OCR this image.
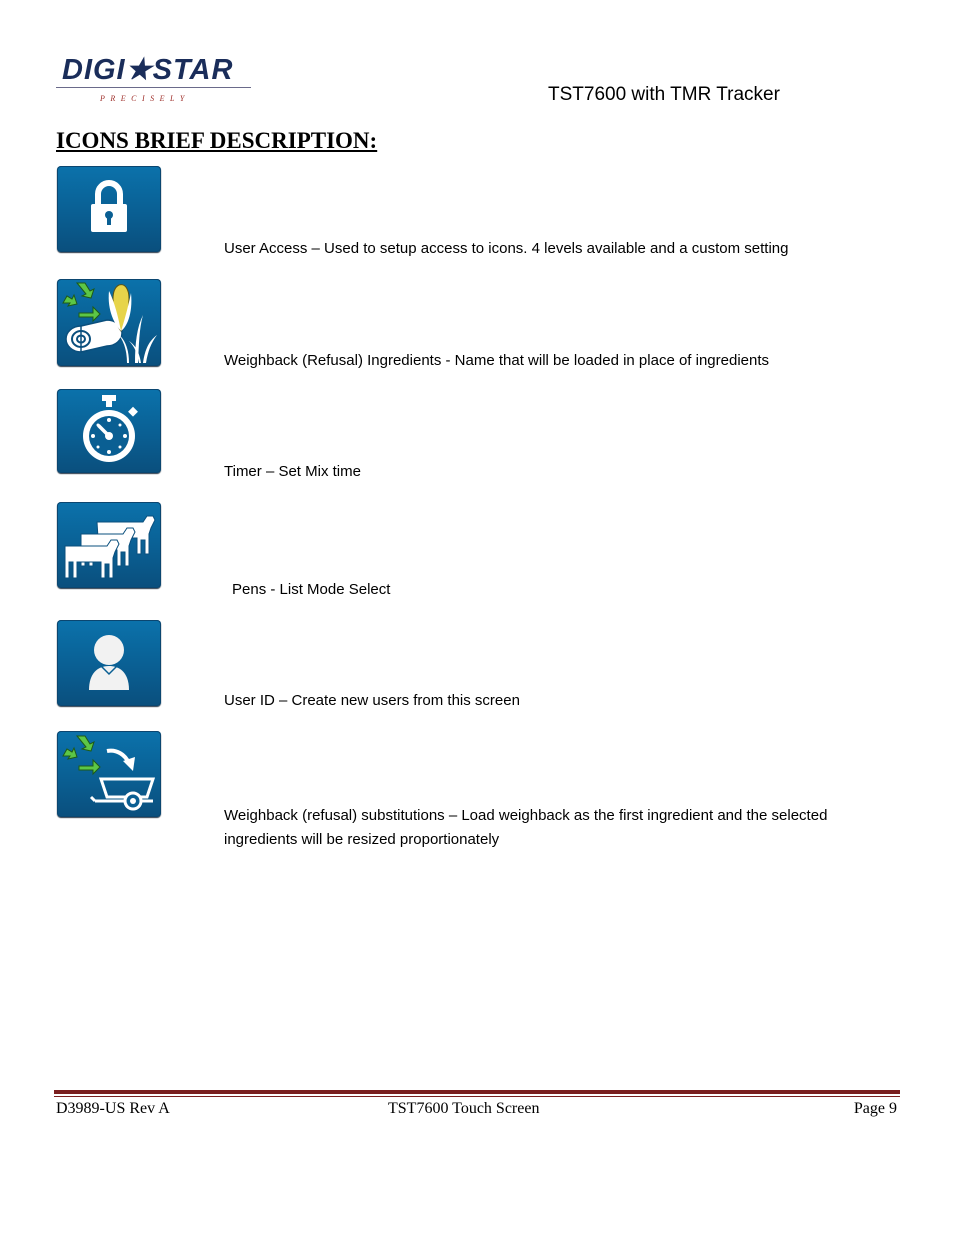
DIGI★STAR
PRECISELY	TST7600 with TMR Tracker
ICONS BRIEF DESCRIPTION:
User Access – Used to setup access to icons. 4 levels available and a custom setting
Weighback (Refusal) Ingredients - Name that will be loaded in place of ingredients
Timer – Set Mix time
Pens - List Mode Select
User ID – Create new users from this screen
Weighback (refusal) substitutions – Load weighback as the first ingredient and the selected ingredients will be resized proportionately
D3989-US Rev A	TST7600 Touch Screen	Page 9
